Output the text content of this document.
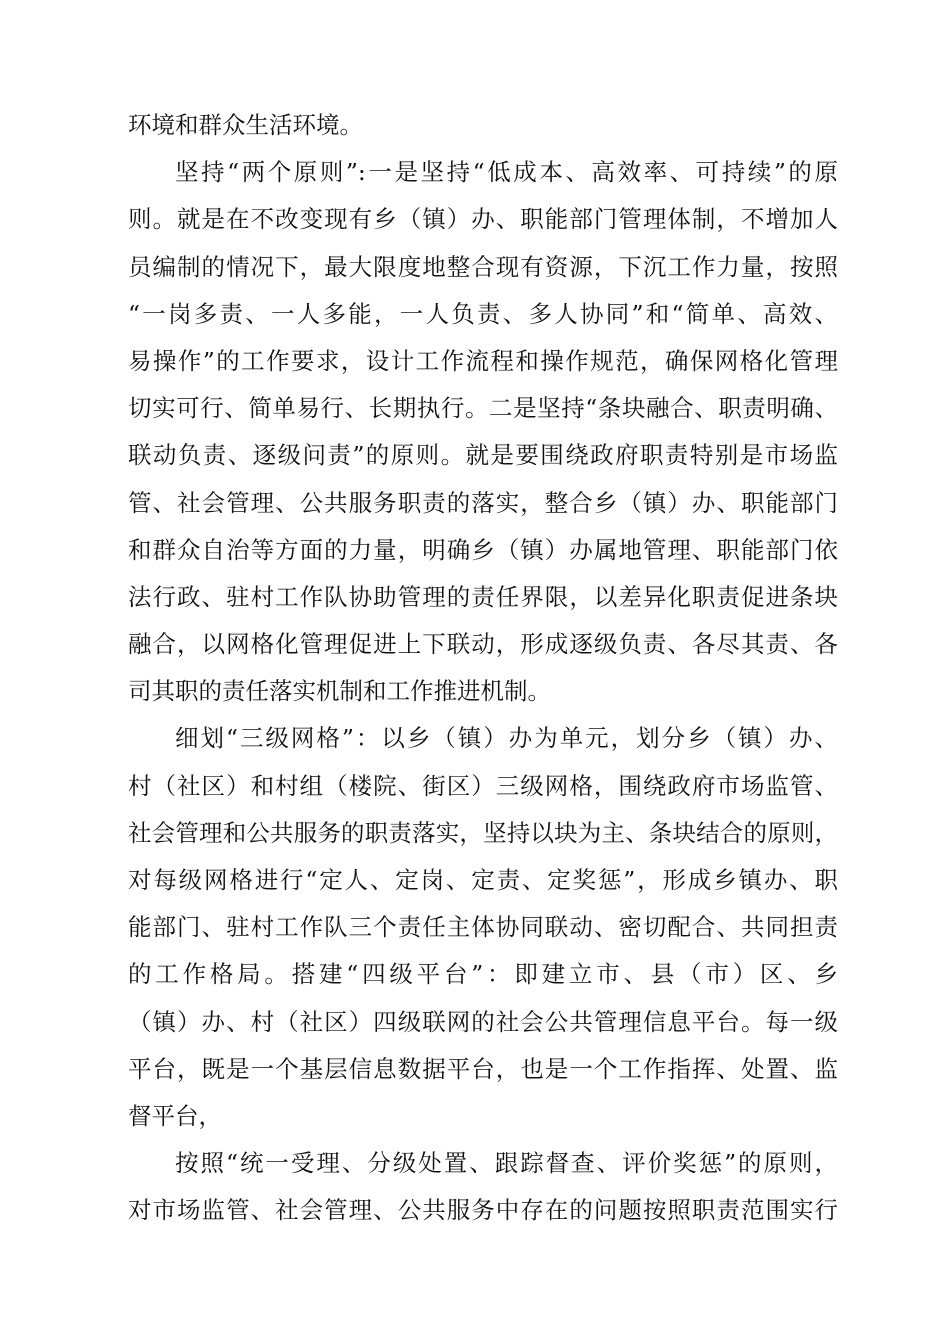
环境和群众生活环境。
坚持“两个原则”:一是坚持“低成本、高效率、可持续”的原
则。就是在不改变现有乡（镇）办、职能部门管理体制，不增加人
员编制的情况下，最大限度地整合现有资源，下沉工作力量，按照
“一岗多责、一人多能，一人负责、多人协同”和“简单、高效、
易操作”的工作要求，设计工作流程和操作规范，确保网格化管理
切实可行、简单易行、长期执行。二是坚持“条块融合、职责明确、
联动负责、逐级问责”的原则。就是要围绕政府职责特别是市场监
管、社会管理、公共服务职责的落实，整合乡（镇）办、职能部门
和群众自治等方面的力量，明确乡（镇）办属地管理、职能部门依
法行政、驻村工作队协助管理的责任界限，以差异化职责促进条块
融合，以网格化管理促进上下联动，形成逐级负责、各尽其责、各
司其职的责任落实机制和工作推进机制。
细划“三级网格”：以乡（镇）办为单元，划分乡（镇）办、
村（社区）和村组（楼院、街区）三级网格，围绕政府市场监管、
社会管理和公共服务的职责落实，坚持以块为主、条块结合的原则，
对每级网格进行“定人、定岗、定责、定奖惩”，形成乡镇办、职
能部门、驻村工作队三个责任主体协同联动、密切配合、共同担责
的工作格局。搭建“四级平台”：即建立市、县（市）区、乡
（镇）办、村（社区）四级联网的社会公共管理信息平台。每一级
平台，既是一个基层信息数据平台，也是一个工作指挥、处置、监
督平台，
按照“统一受理、分级处置、跟踪督查、评价奖惩”的原则，
对市场监管、社会管理、公共服务中存在的问题按照职责范围实行
